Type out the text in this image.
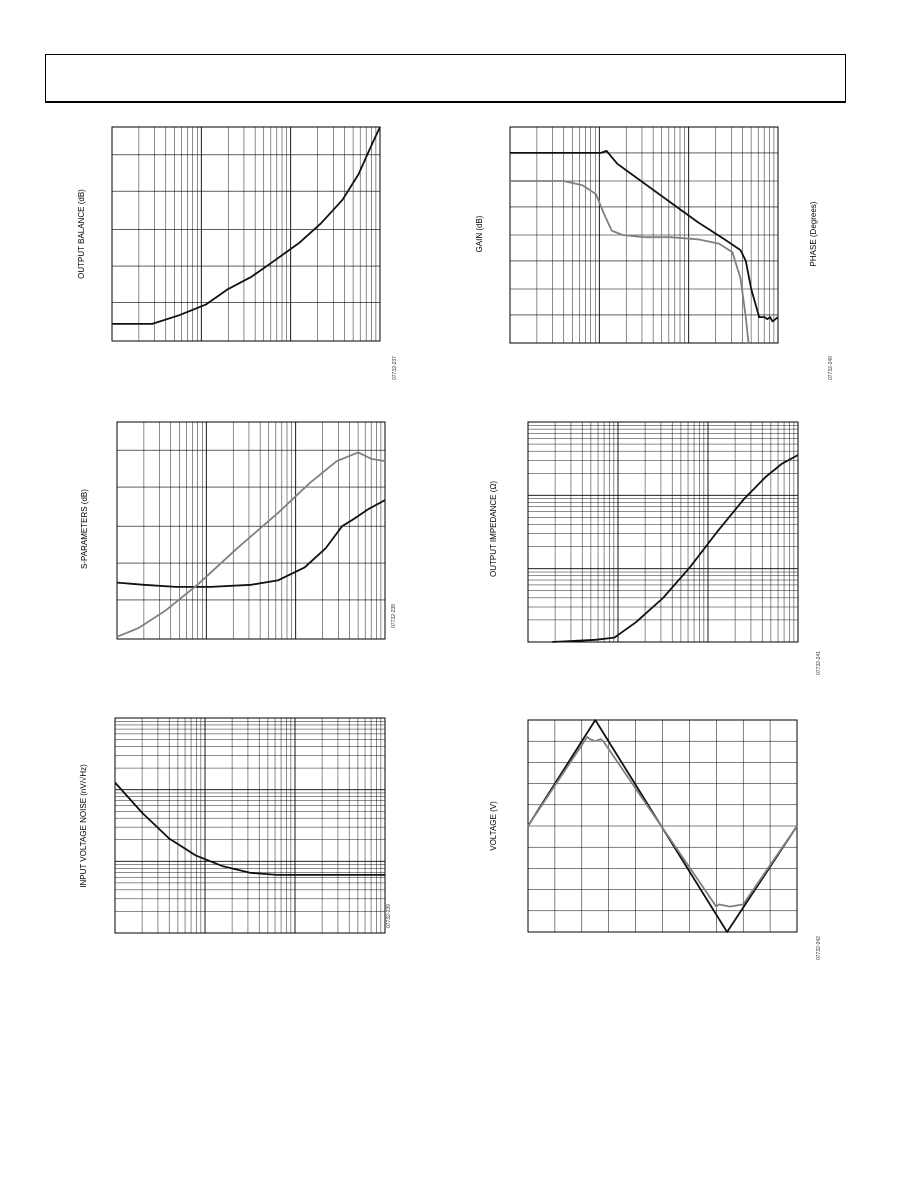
OUTPUT BALANCE (dB)
07732-237
GAIN (dB)	PHASE (Degrees)
07732-240
S-PARAMETERS (dB)
07732-238
OUTPUT IMPEDANCE (Ω)
07732-241
INPUT VOLTAGE NOISE (nV/√Hz)
07732-239
VOLTAGE (V)
07732-242
